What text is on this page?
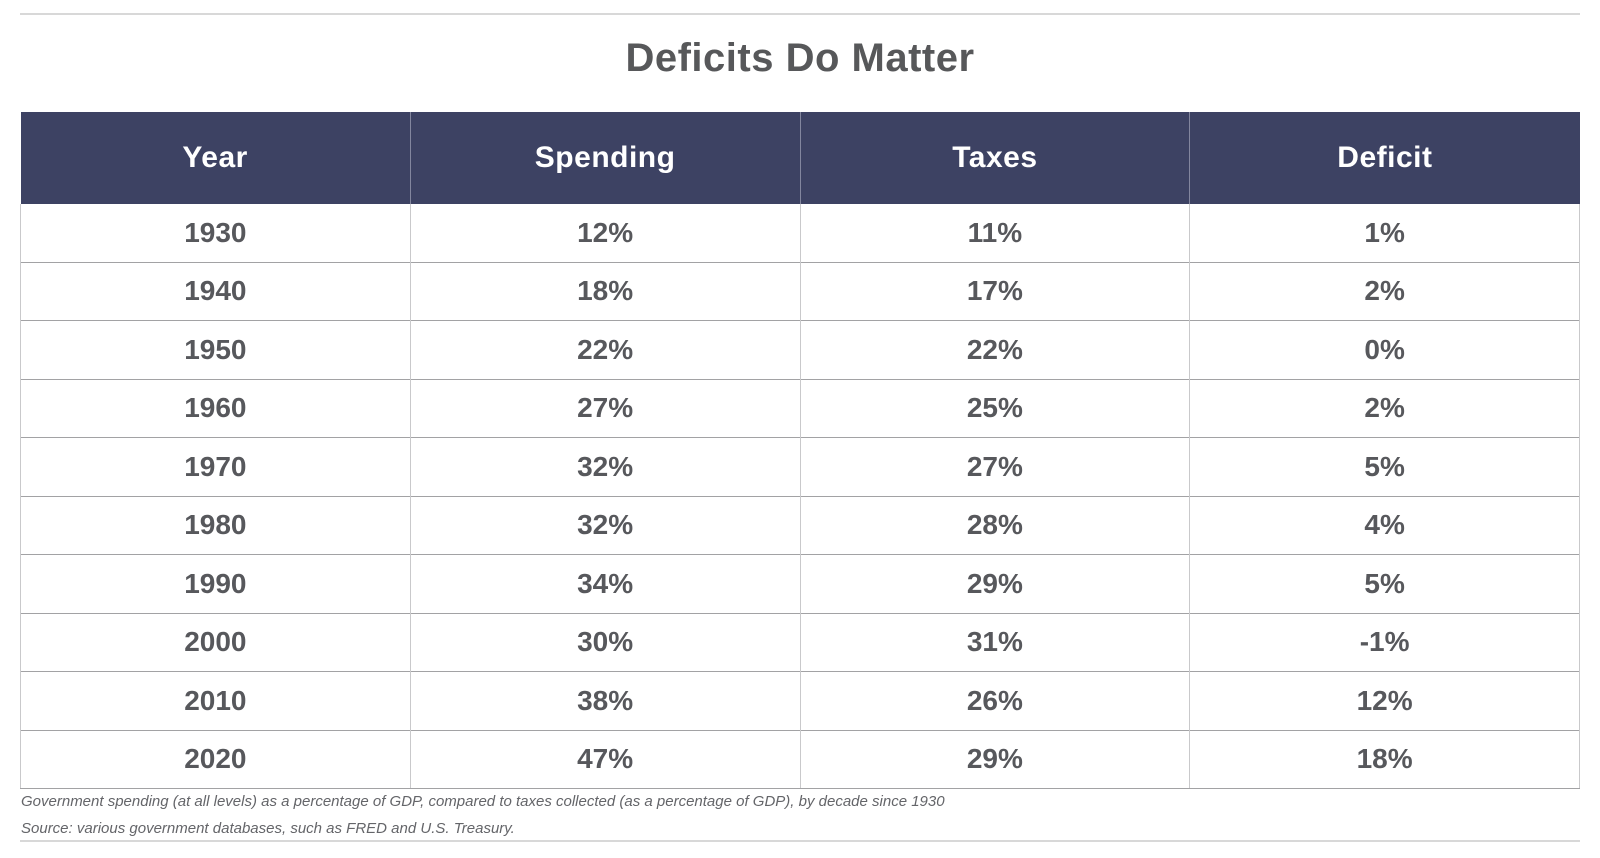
Deficits Do Matter
Year	Spending	Taxes	Deficit
1930	12%	11%	1%
1940	18%	17%	2%
1950	22%	22%	0%
1960	27%	25%	2%
1970	32%	27%	5%
1980	32%	28%	4%
1990	34%	29%	5%
2000	30%	31%	-1%
2010	38%	26%	12%
2020	47%	29%	18%
Government spending (at all levels) as a percentage of GDP, compared to taxes collected (as a percentage of GDP), by decade since 1930
Source: various government databases, such as FRED and U.S. Treasury.
